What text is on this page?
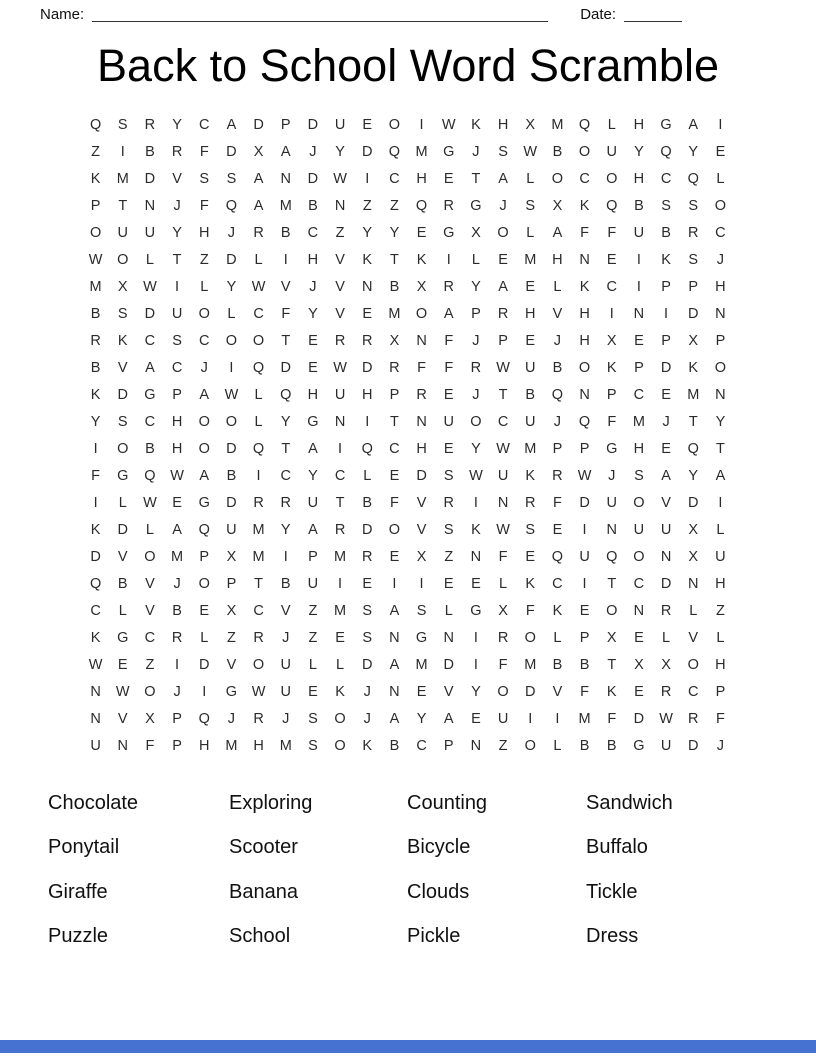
Name:	Date:
Back to School Word Scramble
Q	S	R	Y	C	A	D	P	D	U	E	O	I	W	K	H	X	M	Q	L	H	G	A	I
Z	I	B	R	F	D	X	A	J	Y	D	Q	M	G	J	S	W	B	O	U	Y	Q	Y	E
K	M	D	V	S	S	A	N	D	W	I	C	H	E	T	A	L	O	C	O	H	C	Q	L
P	T	N	J	F	Q	A	M	B	N	Z	Z	Q	R	G	J	S	X	K	Q	B	S	S	O
O	U	U	Y	H	J	R	B	C	Z	Y	Y	E	G	X	O	L	A	F	F	U	B	R	C
W	O	L	T	Z	D	L	I	H	V	K	T	K	I	L	E	M	H	N	E	I	K	S	J
M	X	W	I	L	Y	W	V	J	V	N	B	X	R	Y	A	E	L	K	C	I	P	P	H
B	S	D	U	O	L	C	F	Y	V	E	M	O	A	P	R	H	V	H	I	N	I	D	N
R	K	C	S	C	O	O	T	E	R	R	X	N	F	J	P	E	J	H	X	E	P	X	P
B	V	A	C	J	I	Q	D	E	W	D	R	F	F	R	W	U	B	O	K	P	D	K	O
K	D	G	P	A	W	L	Q	H	U	H	P	R	E	J	T	B	Q	N	P	C	E	M	N
Y	S	C	H	O	O	L	Y	G	N	I	T	N	U	O	C	U	J	Q	F	M	J	T	Y
I	O	B	H	O	D	Q	T	A	I	Q	C	H	E	Y	W M	P	P	G	H	E	Q	T
F	G	Q	W	A	B	I	C	Y	C	L	E	D	S	W	U	K	R	W	J	S	A	Y	A
I	L	W	E	G	D	R	R	U	T	B	F	V	R	I	N	R	F	D	U	O	V	D	I
K	D	L	A	Q	U	M	Y	A	R	D	O	V	S	K	W	S	E	I	N	U	U	X	L
D	V	O	M	P	X	M	I	P	M	R	E	X	Z	N	F	E	Q	U	Q	O	N	X	U
Q	B	V	J	O	P	T	B	U	I	E	I	I	E	E	L	K	C	I	T	C	D	N	H
C	L	V	B	E	X	C	V	Z	M	S	A	S	L	G	X	F	K	E	O	N	R	L	Z
K	G	C	R	L	Z	R	J	Z	E	S	N	G	N	I	R	O	L	P	X	E	L	V	L
W	E	Z	I	D	V	O	U	L	L	D	A	M	D	I	F	M	B	B	T	X	X	O	H
N	W	O	J	I	G	W	U	E	K	J	N	E	V	Y	O	D	V	F	K	E	R	C	P
N	V	X	P	Q	J	R	J	S	O	J	A	Y	A	E	U	I	I	M	F	D	W	R	F
U	N	F	P	H	M	H	M	S	O	K	B	C	P	N	Z	O	L	B	B	G	U	D	J
Chocolate	Exploring	Counting	Sandwich
Ponytail	Scooter	Bicycle	Buffalo
Giraffe	Banana	Clouds	Tickle
Puzzle	School	Pickle	Dress
